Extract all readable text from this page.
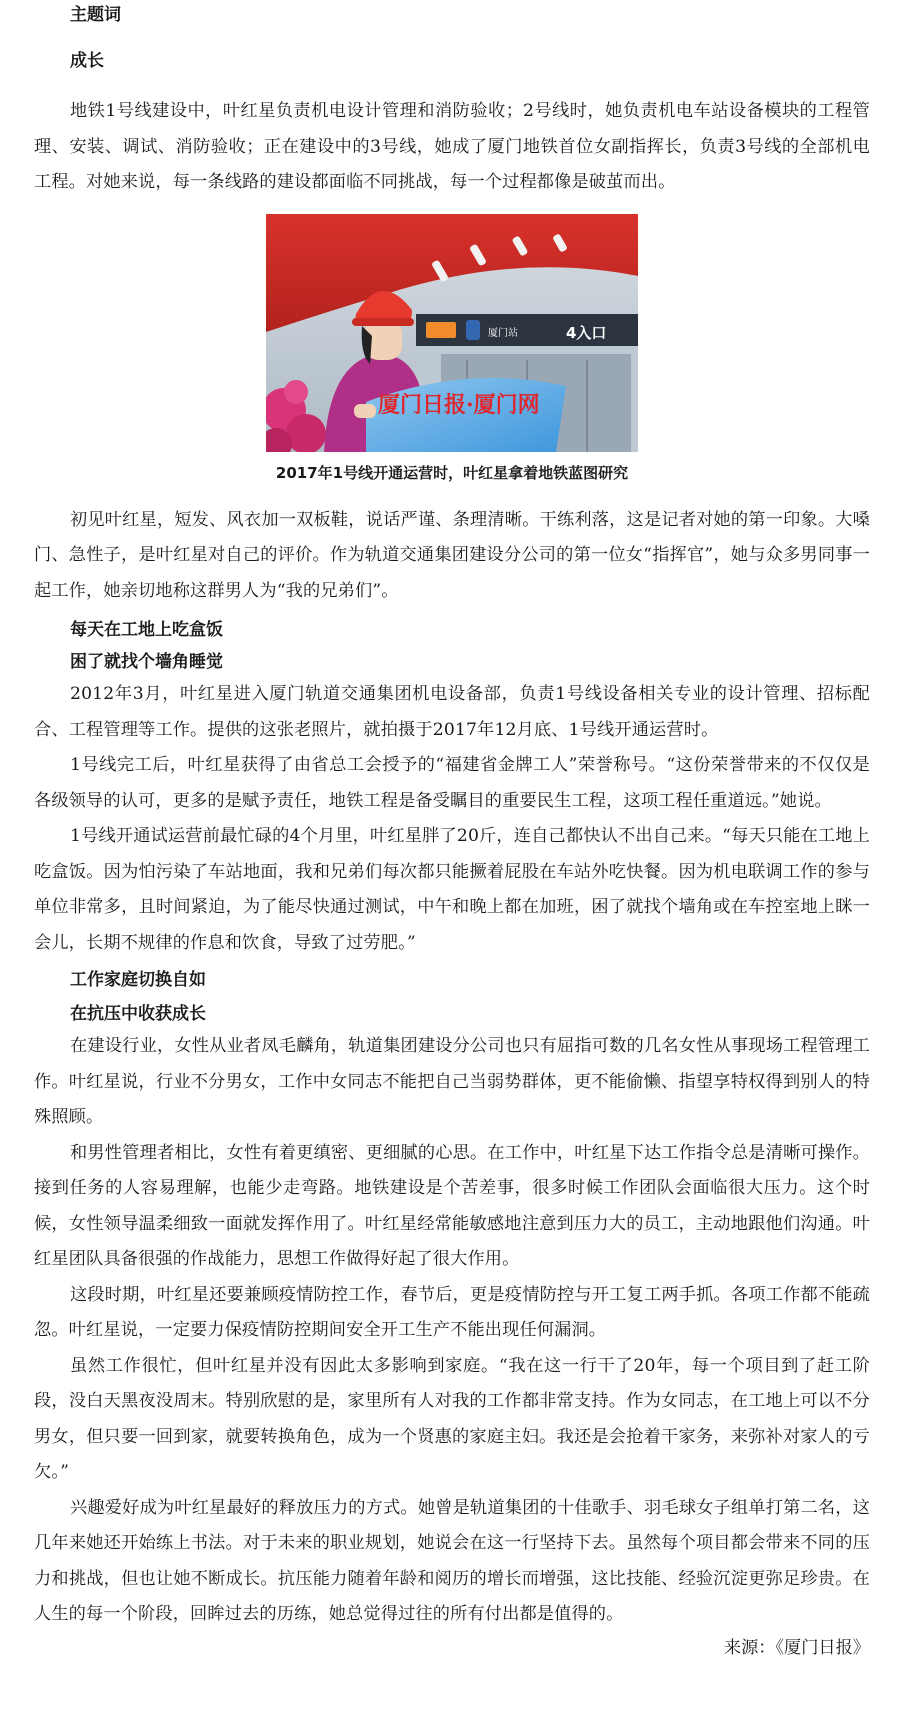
主题词

成长

地铁1号线建设中，叶红星负责机电设计管理和消防验收；2号线时，她负责机电车站设备模块的工程管理、安装、调试、消防验收；正在建设中的3号线，她成了厦门地铁首位女副指挥长，负责3号线的全部机电工程。对她来说，每一条线路的建设都面临不同挑战，每一个过程都像是破茧而出。

厦门站	4入口
厦门日报·厦门网
2017年1号线开通运营时，叶红星拿着地铁蓝图研究

初见叶红星，短发、风衣加一双板鞋，说话严谨、条理清晰。干练利落，这是记者对她的第一印象。大嗓门、急性子，是叶红星对自己的评价。作为轨道交通集团建设分公司的第一位女“指挥官”，她与众多男同事一起工作，她亲切地称这群男人为“我的兄弟们”。

每天在工地上吃盒饭

困了就找个墙角睡觉

2012年3月，叶红星进入厦门轨道交通集团机电设备部，负责1号线设备相关专业的设计管理、招标配合、工程管理等工作。提供的这张老照片，就拍摄于2017年12月底、1号线开通运营时。

1号线完工后，叶红星获得了由省总工会授予的“福建省金牌工人”荣誉称号。“这份荣誉带来的不仅仅是各级领导的认可，更多的是赋予责任，地铁工程是备受瞩目的重要民生工程，这项工程任重道远。”她说。

1号线开通试运营前最忙碌的4个月里，叶红星胖了20斤，连自己都快认不出自己来。“每天只能在工地上吃盒饭。因为怕污染了车站地面，我和兄弟们每次都只能撅着屁股在车站外吃快餐。因为机电联调工作的参与单位非常多，且时间紧迫，为了能尽快通过测试，中午和晚上都在加班，困了就找个墙角或在车控室地上眯一会儿，长期不规律的作息和饮食，导致了过劳肥。”

工作家庭切换自如

在抗压中收获成长

在建设行业，女性从业者凤毛麟角，轨道集团建设分公司也只有屈指可数的几名女性从事现场工程管理工作。叶红星说，行业不分男女，工作中女同志不能把自己当弱势群体，更不能偷懒、指望享特权得到别人的特殊照顾。

和男性管理者相比，女性有着更缜密、更细腻的心思。在工作中，叶红星下达工作指令总是清晰可操作。接到任务的人容易理解，也能少走弯路。地铁建设是个苦差事，很多时候工作团队会面临很大压力。这个时候，女性领导温柔细致一面就发挥作用了。叶红星经常能敏感地注意到压力大的员工，主动地跟他们沟通。叶红星团队具备很强的作战能力，思想工作做得好起了很大作用。

这段时期，叶红星还要兼顾疫情防控工作，春节后，更是疫情防控与开工复工两手抓。各项工作都不能疏忽。叶红星说，一定要力保疫情防控期间安全开工生产不能出现任何漏洞。

虽然工作很忙，但叶红星并没有因此太多影响到家庭。“我在这一行干了20年，每一个项目到了赶工阶段，没白天黑夜没周末。特别欣慰的是，家里所有人对我的工作都非常支持。作为女同志，在工地上可以不分男女，但只要一回到家，就要转换角色，成为一个贤惠的家庭主妇。我还是会抢着干家务，来弥补对家人的亏欠。”

兴趣爱好成为叶红星最好的释放压力的方式。她曾是轨道集团的十佳歌手、羽毛球女子组单打第二名，这几年来她还开始练上书法。对于未来的职业规划，她说会在这一行坚持下去。虽然每个项目都会带来不同的压力和挑战，但也让她不断成长。抗压能力随着年龄和阅历的增长而增强，这比技能、经验沉淀更弥足珍贵。在人生的每一个阶段，回眸过去的历练，她总觉得过往的所有付出都是值得的。

来源：《厦门日报》
